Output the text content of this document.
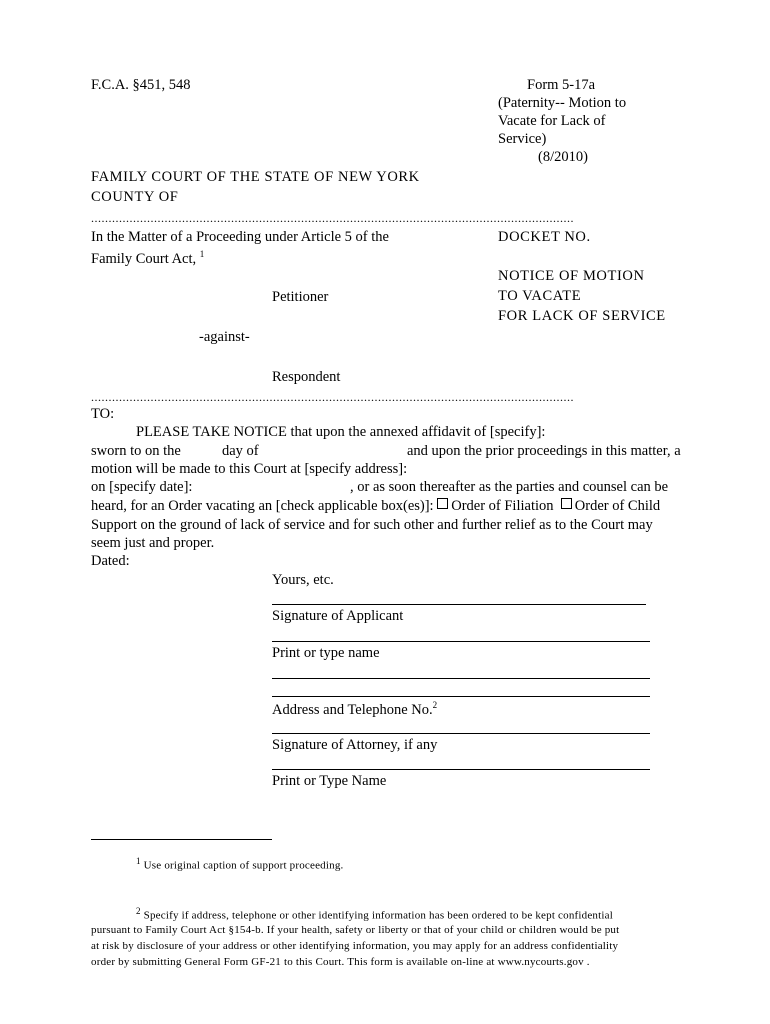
F.C.A. §451, 548	Form 5-17a
(Paternity-- Motion to
Vacate for Lack of
Service)
(8/2010)
FAMILY COURT OF THE STATE OF NEW YORK
COUNTY OF
..........................................................................................................................................
In the Matter of a Proceeding under Article 5 of the
Family Court Act, $^1$
Petitioner
-against-
Respondent
..........................................................................................................................................
DOCKET NO.
NOTICE OF MOTION
TO VACATE
FOR LACK OF SERVICE
TO:
PLEASE TAKE NOTICE that upon the annexed affidavit of [specify]:
sworn to on the	day of	and upon the prior proceedings in this matter, a
motion will be made to this Court at [specify address]:
on [specify date]:	, or as soon thereafter as the parties and counsel can be
heard, for an Order vacating an [check applicable box(es)]: Order of Filiation Order of Child
Support on the ground of lack of service and for such other and further relief as to the Court may
seem just and proper.
Dated:
Yours, etc.
Signature of Applicant
Print or type name
Address and Telephone No.$^2$
Signature of Attorney, if any
Print or Type Name
$^1$ Use original caption of support proceeding.
$^2$ Specify if address, telephone or other identifying information has been ordered to be kept confidential
pursuant to Family Court Act §154-b. If your health, safety or liberty or that of your child or children would be put
at risk by disclosure of your address or other identifying information, you may apply for an address confidentiality
order by submitting General Form GF-21 to this Court. This form is available on-line at www.nycourts.gov .
